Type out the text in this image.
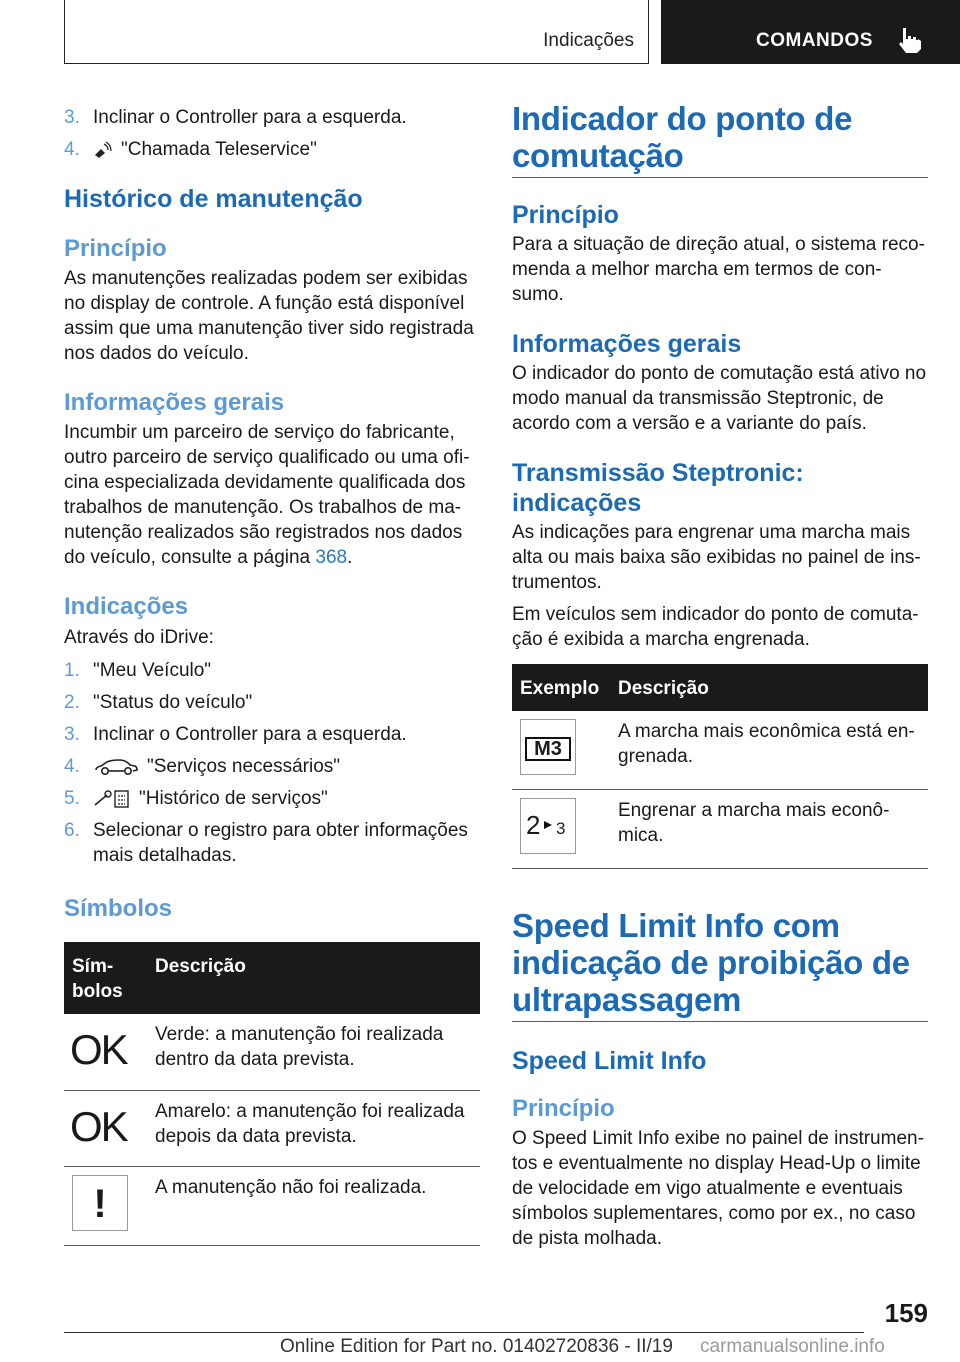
Indicações	COMANDOS
3. Inclinar o Controller para a esquerda.
4. "Chamada Teleservice"
Histórico de manutenção
Princípio

As manutenções realizadas podem ser exibidas no display de controle. A função está disponível assim que uma manutenção tiver sido registrada nos dados do veículo.

Informações gerais

Incumbir um parceiro de serviço do fabricante, outro parceiro de serviço qualificado ou uma ofi‐cina especializada devidamente qualificada dos trabalhos de manutenção. Os trabalhos de ma‐nutenção realizados são registrados nos dados do veículo, consulte a página 368.

Indicações

Através do iDrive:

1. "Meu Veículo"
2. "Status do veículo"
3. Inclinar o Controller para a esquerda.
4.	"Serviços necessários"
5.	"Histórico de serviços"
6. Selecionar o registro para obter informações mais detalhadas.
Símbolos
Sím‐bolos	Descrição
OK	Verde: a manutenção foi realizada dentro da data prevista.
OK	Amarelo: a manutenção foi realizada depois da data prevista.

!	A manutenção não foi realizada.
Indicador do ponto de comutação
Princípio

Para a situação de direção atual, o sistema reco‐menda a melhor marcha em termos de con‐sumo.

Informações gerais

O indicador do ponto de comutação está ativo no modo manual da transmissão Steptronic, de acordo com a versão e a variante do país.

Transmissão Steptronic: indicações

As indicações para engrenar uma marcha mais alta ou mais baixa são exibidas no painel de ins‐trumentos.

Em veículos sem indicador do ponto de comuta‐ção é exibida a marcha engrenada.

Exemplo	Descrição

M3	A marcha mais econômica está en‐grenada.

2 3	Engrenar a marcha mais econô‐mica.
Speed Limit Info com indicação de proibição de ultrapassagem
Speed Limit Info
Princípio

O Speed Limit Info exibe no painel de instrumen‐tos e eventualmente no display Head-Up o limite de velocidade em vigo atualmente e eventuais símbolos suplementares, como por ex., no caso de pista molhada.

159
Online Edition for Part no. 01402720836 - II/19 carmanualsonline.info
